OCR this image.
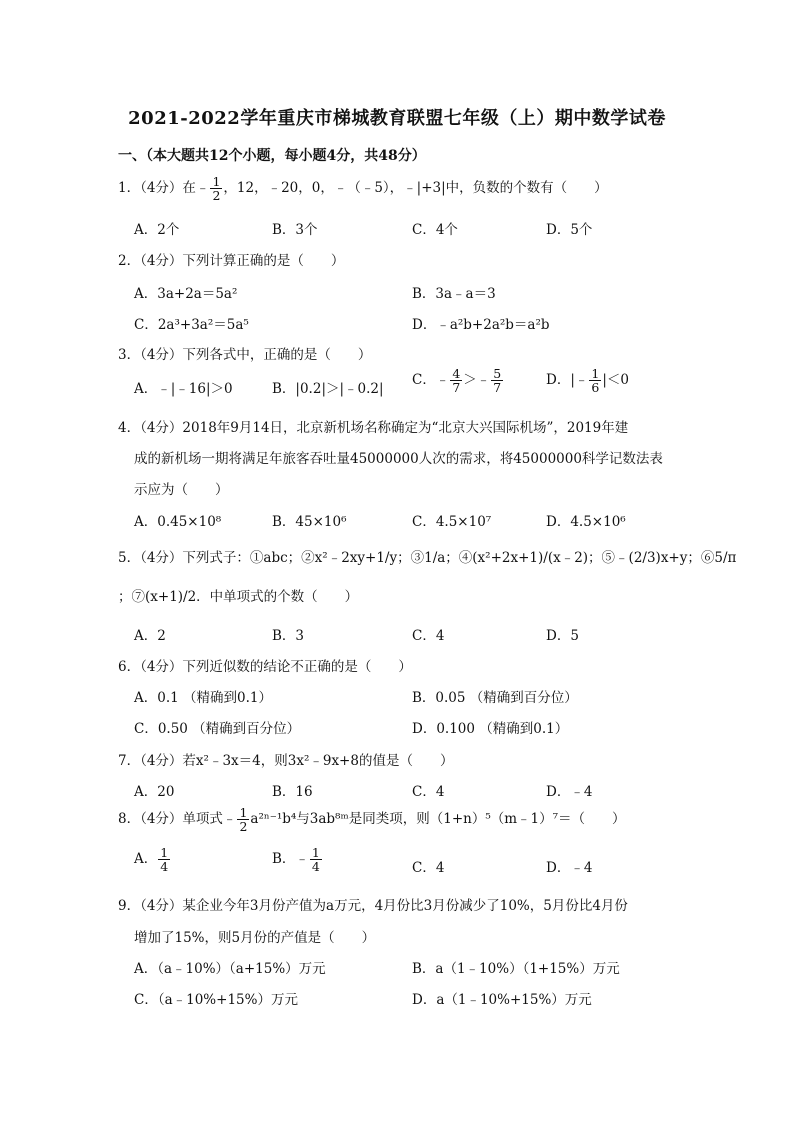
2021-2022学年重庆市梯城教育联盟七年级（上）期中数学试卷
一、（本大题共12个小题，每小题4分，共48分）
1．（4分）在﹣ $\frac{1}{2}$ ，12，﹣20，0，﹣（﹣5），﹣|+3|中，负数的个数有（　　）
A．2个	B．3个	C．4个	D．5个
2．（4分）下列计算正确的是（　　）
A．3a+2a＝5a²	B．3a﹣a＝3
C．2a³+3a²＝5a⁵	D．﹣a²b+2a²b＝a²b
3．（4分）下列各式中，正确的是（　　）
A．﹣|﹣16|＞0	B．|0.2|＞|﹣0.2|
C．﹣ $\frac{4}{7}$ ＞﹣ $\frac{5}{7}$	D．|﹣ $\frac{1}{6} |<0$
4．（4分）2018年9月14日，北京新机场名称确定为“北京大兴国际机场”，2019年建
成的新机场一期将满足年旅客吞吐量45000000人次的需求，将45000000科学记数法表
示应为（　　）
A．0.45×10⁸	B．45×10⁶	C．4.5×10⁷	D．4.5×10⁶
5．（4分）下列式子：①abc；②x²﹣2xy+1/y；③1/a；④(x²+2x+1)/(x﹣2)；⑤﹣(2/3)x+y；⑥5/π
；⑦(x+1)/2．中单项式的个数（　　）
A．2	B．3	C．4	D．5
6．（4分）下列近似数的结论不正确的是（　　）
A．0.1 （精确到0.1）	B．0.05 （精确到百分位）
C．0.50 （精确到百分位）	D．0.100 （精确到0.1）
7．（4分）若x²﹣3x＝4，则3x²﹣9x+8的值是（　　）
A．20	B．16	C．4	D．﹣4
8．（4分）单项式﹣ $\frac{1}{2} a^{2n-1}b^4$与3ab⁸ᵐ是同类项，则（1+n）⁵（m﹣1）⁷＝（　　）
A． $\frac{1}{4}$	B．﹣ $\frac{1}{4}$	C．4	D．﹣4
9．（4分）某企业今年3月份产值为a万元，4月份比3月份减少了10%，5月份比4月份
增加了15%，则5月份的产值是（　　）
A．（a﹣10%）（a+15%）万元	B．a（1﹣10%）（1+15%）万元
C．（a﹣10%+15%）万元	D．a（1﹣10%+15%）万元
